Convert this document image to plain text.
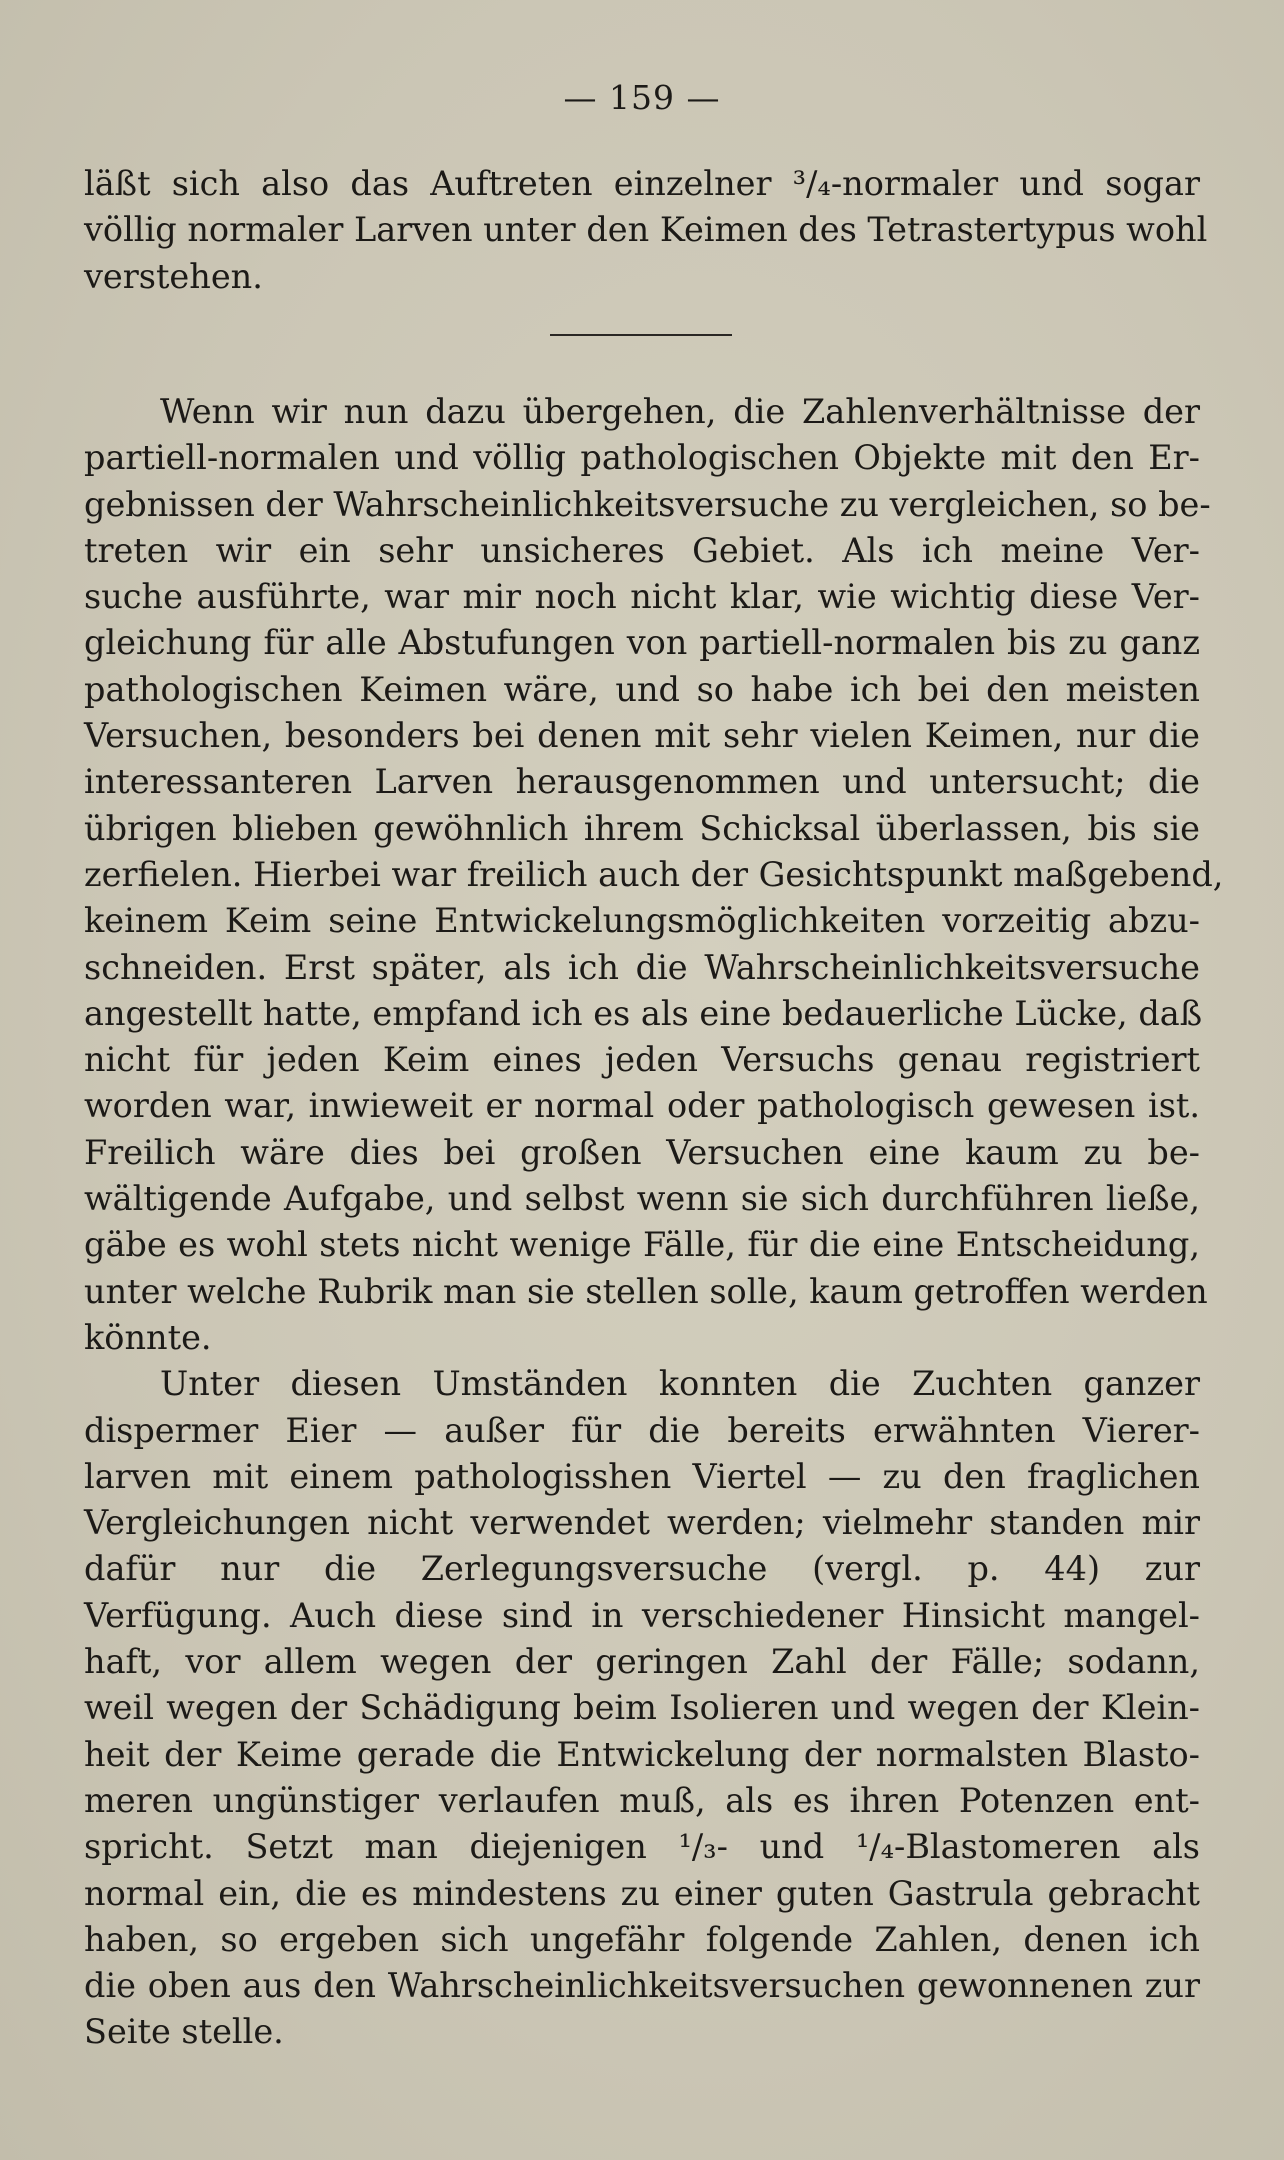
— 159 —
läßt sich also das Auftreten einzelner ³/₄-normaler und sogar
völlig normaler Larven unter den Keimen des Tetrastertypus wohl
verstehen.
Wenn wir nun dazu übergehen, die Zahlenverhältnisse der
partiell-normalen und völlig pathologischen Objekte mit den Er-
gebnissen der Wahrscheinlichkeitsversuche zu vergleichen, so be-
treten wir ein sehr unsicheres Gebiet. Als ich meine Ver-
suche ausführte, war mir noch nicht klar, wie wichtig diese Ver-
gleichung für alle Abstufungen von partiell-normalen bis zu ganz
pathologischen Keimen wäre, und so habe ich bei den meisten
Versuchen, besonders bei denen mit sehr vielen Keimen, nur die
interessanteren Larven herausgenommen und untersucht; die
übrigen blieben gewöhnlich ihrem Schicksal überlassen, bis sie
zerfielen. Hierbei war freilich auch der Gesichtspunkt maßgebend,
keinem Keim seine Entwickelungsmöglichkeiten vorzeitig abzu-
schneiden. Erst später, als ich die Wahrscheinlichkeitsversuche
angestellt hatte, empfand ich es als eine bedauerliche Lücke, daß
nicht für jeden Keim eines jeden Versuchs genau registriert
worden war, inwieweit er normal oder pathologisch gewesen ist.
Freilich wäre dies bei großen Versuchen eine kaum zu be-
wältigende Aufgabe, und selbst wenn sie sich durchführen ließe,
gäbe es wohl stets nicht wenige Fälle, für die eine Entscheidung,
unter welche Rubrik man sie stellen solle, kaum getroffen werden
könnte.
Unter diesen Umständen konnten die Zuchten ganzer
dispermer Eier — außer für die bereits erwähnten Vierer-
larven mit einem pathologisshen Viertel — zu den fraglichen
Vergleichungen nicht verwendet werden; vielmehr standen mir
dafür nur die Zerlegungsversuche (vergl. p. 44) zur
Verfügung. Auch diese sind in verschiedener Hinsicht mangel-
haft, vor allem wegen der geringen Zahl der Fälle; sodann,
weil wegen der Schädigung beim Isolieren und wegen der Klein-
heit der Keime gerade die Entwickelung der normalsten Blasto-
meren ungünstiger verlaufen muß, als es ihren Potenzen ent-
spricht. Setzt man diejenigen ¹/₃- und ¹/₄-Blastomeren als
normal ein, die es mindestens zu einer guten Gastrula gebracht
haben, so ergeben sich ungefähr folgende Zahlen, denen ich
die oben aus den Wahrscheinlichkeitsversuchen gewonnenen zur
Seite stelle.
